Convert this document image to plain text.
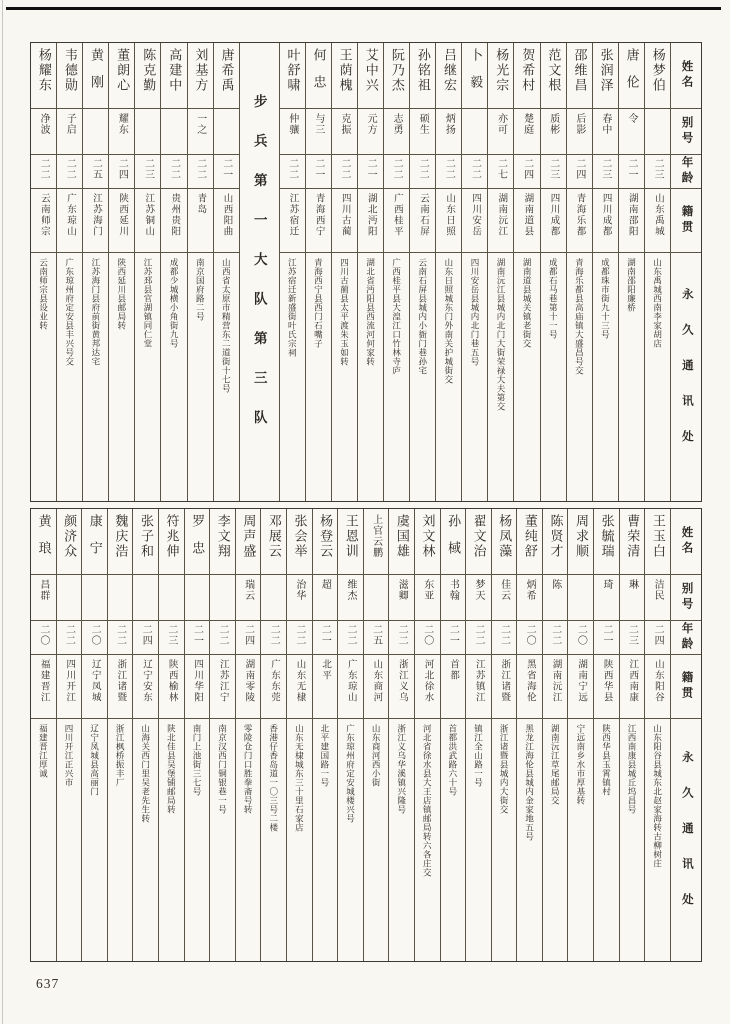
杨耀东
净波
二二
云南师宗
云南师宗县设业转
韦德勋
子启
二二
广东琼山
广东琼州府定安县丰兴号交
黄刚
二五
江苏海门
江苏海门县府前街黄邦达宅
董朗心
耀东
二四
陕西延川
陕西延川县邮局转
陈克勤
二三
江苏铜山
江苏邳县官湖镇同仁堂
高建中
二二
贵州贵阳
成都少城横小角街九号
刘基方
一之
二二
青岛
南京国府路二号
唐希禹
二一
山西阳曲
山西省太原市精营东二道街十七号 步兵第一大队第三队
叶舒啸
仲骧
二二
江苏宿迁
江苏宿迁新盛街叶氏宗祠
何忠
与三
二一
青海西宁
青海西宁县西门石嘴子
王荫槐
克振
二二
四川古蔺
四川古蔺县太平渡朱玉如转
艾中兴
元方
二一
湖北沔阳
湖北省沔阳县西流河何家转
阮乃杰
志勇
二二
广西桂平
广西桂平县大湟江口竹林寺庐
孙铭祖
硕生
二二
云南石屏
云南石屏县城内小衙门巷孙宅
吕继宏
炳扬
二二
山东日照
山东日照城东门外南关护城街交
卜毅
二二
四川安岳
四川安岳县城内北门巷五号
杨光宗
亦可
二七
湖南沅江
湖南沅江县城内北门大街荣禄大夫第交
贺希村
楚庭
二四
湖南道县
湖南道县城关镇老街交
范文根
质彬
二三
四川成都
成都石马巷第十一号
邵维昌
后影
二四
青海乐都
青海乐都县高庙镇大盛昌号交
张润泽
春中
二三
四川成都
成都珠市街九十三号
唐伦
令
二一
湖南邵阳
湖南邵阳廉桥
杨梦伯
二三
山东禹城
山东禹城西南李家胡店
姓名
别号
年龄
籍贯
永久通讯处
黄琅
昌群
二〇
福建晋江
福建晋江厚诚
颜济众
二二
四川开江
四川开江正兴市
康宁
二〇
辽宁凤城
辽宁凤城县高丽门
魏庆浩
二二
浙江诸暨
浙江枫桥振丰厂
张子和
二四
辽宁安东
山海关西门里吴老先生转
符兆伸
二三
陕西榆林
陕北佳县吴堡铺邮局转
罗忠
二一
四川华阳
南门上池街三七号
李文翔
二二
江苏江宁
南京汉西门铜银巷一号
周声盛
瑞云
二四
湖南零陵
零陵仓门口胜拳斋号转
邓展云
二二
广东东莞
香港仔香岛道一〇三号二楼
张会举
治华
二二
山东无棣
山东无棣城东三十里石家店
杨登云
超
二一
北平
北平建国路一号
王恩训
维杰
二二
广东琼山
广东琼州府定安城楼兴号
上官云鹏
二五
山东商河
山东商河西小街
虞国雄
滋卿
二二
浙江义乌
浙江义乌华溪镇兴隆号
刘文林
东亚
二〇
河北徐水
河北省徐水县大王店镇邮局转六各庄交
孙棫
书翰
二一
首都
首都洪武路六十号
翟文治
梦天
二二
江苏镇江
镇江全山路一号
杨凤藻
佳云
二二
浙江诸暨
浙江诸暨县城内大街交
董纯舒
炳希
二〇
黑省海伦
黑龙江海伦县城内金家地五号
陈贤才
陈
二二
湖南沅江
湖南沅江草尾邮局交
周求顺
二〇
湖南宁远
宁远南乡水市厚基转
张毓瑞
琦
二一
陕西华县
陕西华县玉霄镇村
曹荣清
琳
二三
江西南康
江西南康县城丘坞昌号
王玉白
洁民
二四
山东阳谷
山东阳谷县城东北赵家海转古柳树庄
姓名
别号
年龄
籍贯
永久通讯处
637
